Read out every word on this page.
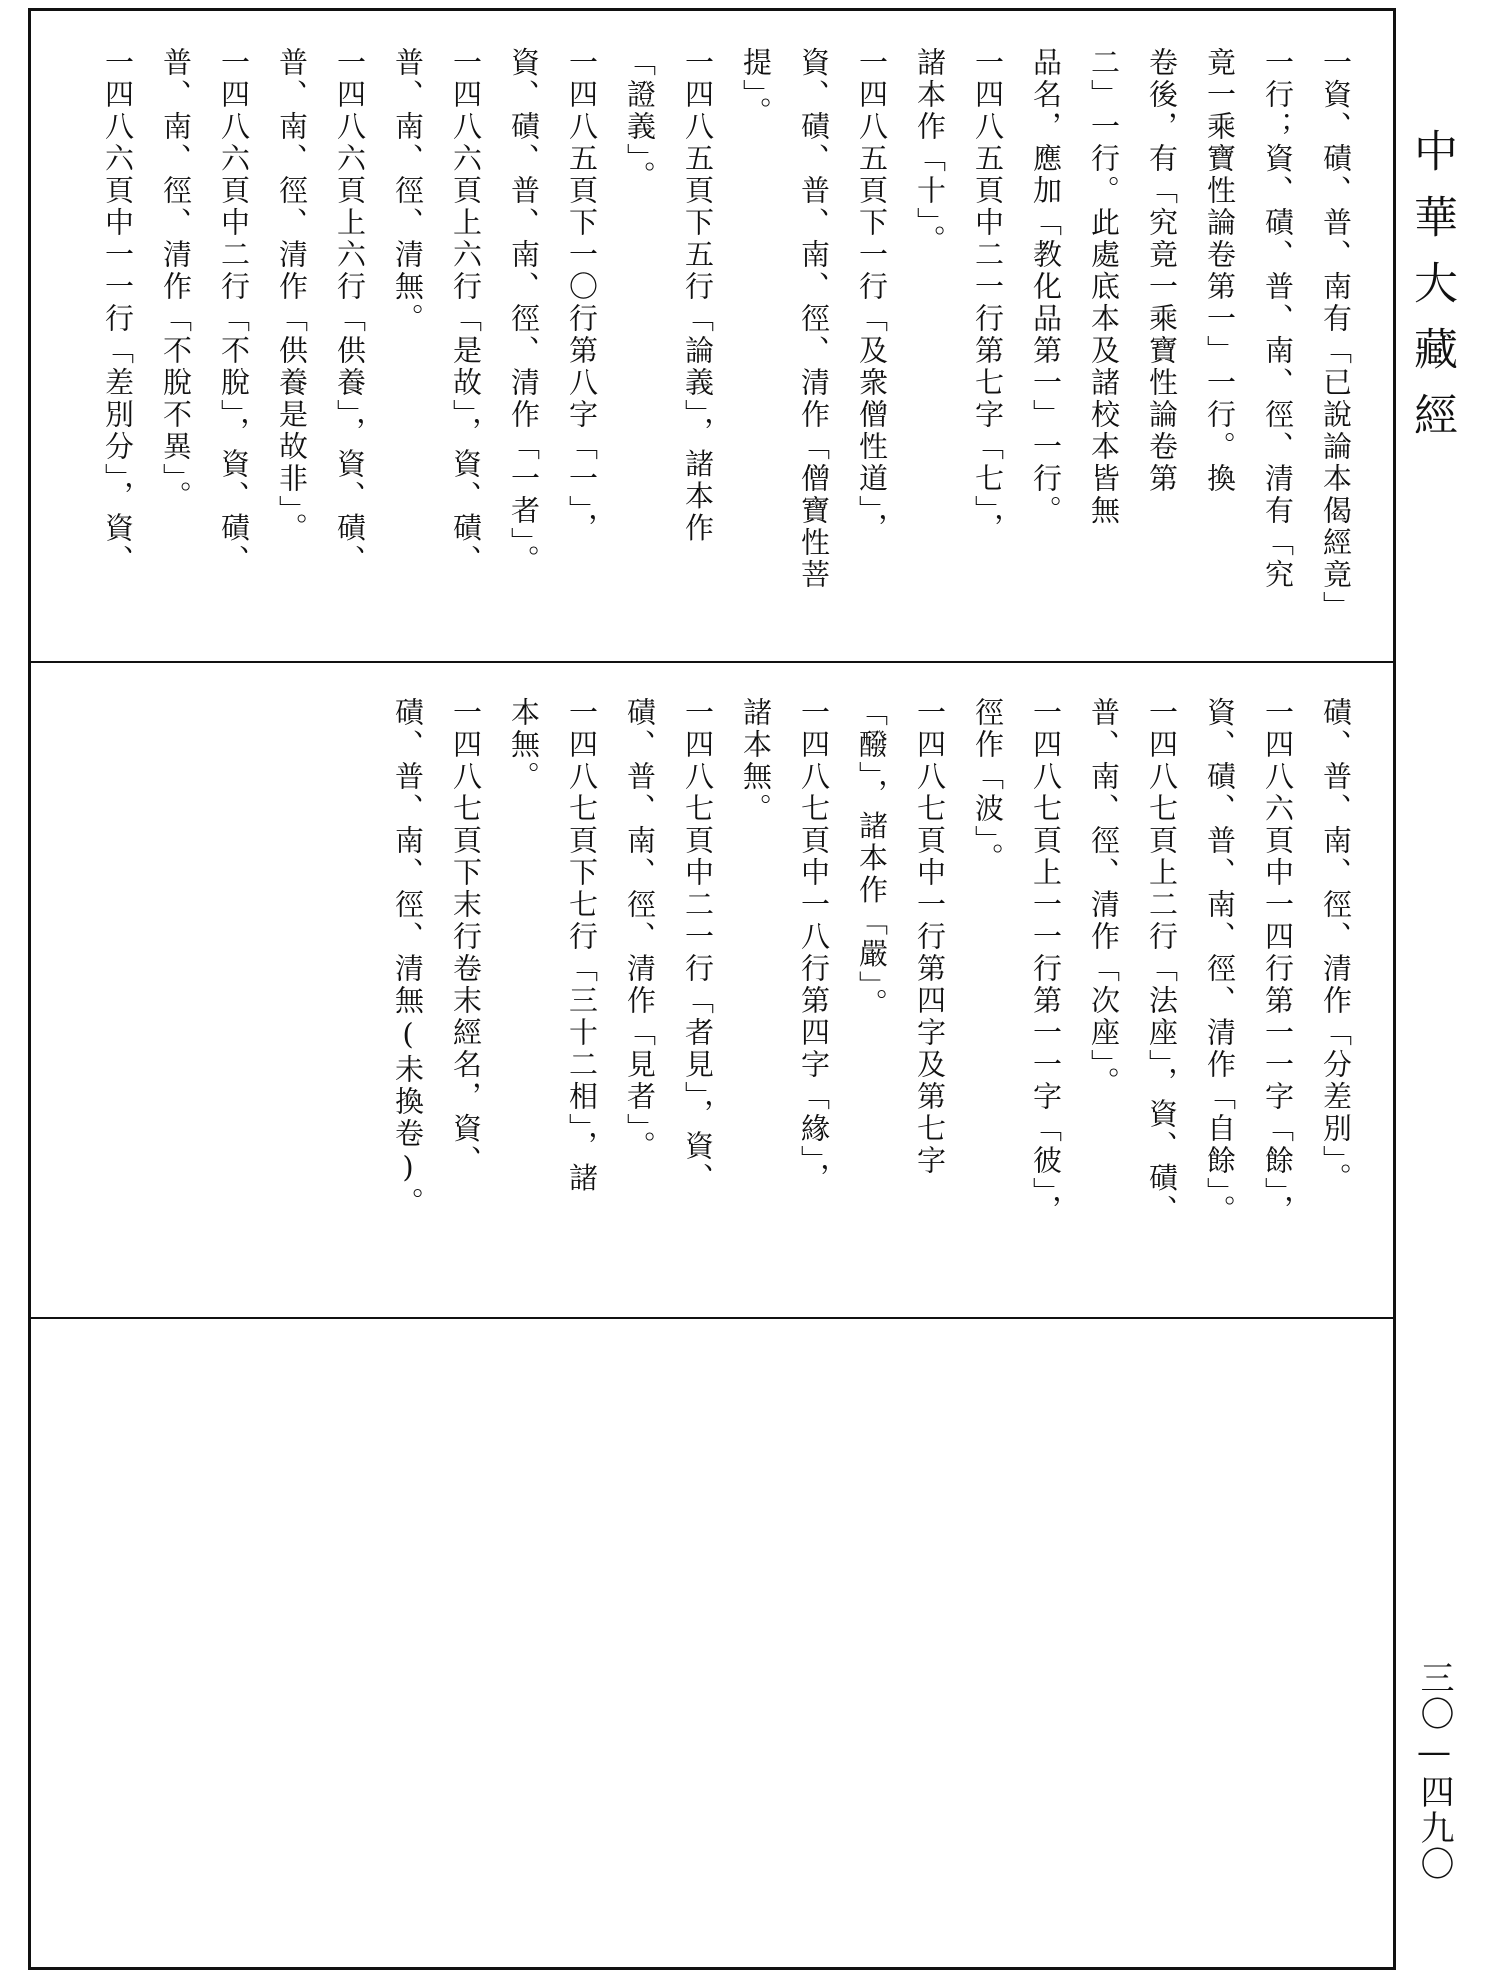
一資、磧、普、南有「已說論本偈經竟」
一行；資、磧、普、南、徑、清有「究
竟一乘寶性論卷第一」一行。換
卷後，有「究竟一乘寶性論卷第
二」一行。此處底本及諸校本皆無
品名，應加「教化品第一」一行。
一四八五頁中二一行第七字「七」，
諸本作「十」。
一四八五頁下一行「及衆僧性道」，
資、磧、普、南、徑、清作「僧寶性菩
提」。
一四八五頁下五行「論義」，諸本作
「證義」。
一四八五頁下一〇行第八字「一」，
資、磧、普、南、徑、清作「一者」。
一四八六頁上六行「是故」，資、磧、
普、南、徑、清無。
一四八六頁上六行「供養」，資、磧、
普、南、徑、清作「供養是故非」。
一四八六頁中二行「不脫」，資、磧、
普、南、徑、清作「不脫不異」。
一四八六頁中一一行「差別分」，資、
磧、普、南、徑、清作「分差別」。
一四八六頁中一四行第一一字「餘」，
資、磧、普、南、徑、清作「自餘」。
一四八七頁上二行「法座」，資、磧、
普、南、徑、清作「次座」。
一四八七頁上一一行第一一字「彼」，
徑作「波」。
一四八七頁中一行第四字及第七字
「醱」，諸本作「嚴」。
一四八七頁中一八行第四字「緣」，
諸本無。
一四八七頁中二一行「者見」，資、
磧、普、南、徑、清作「見者」。
一四八七頁下七行「三十二相」，諸
本無。
一四八七頁下末行卷末經名，資、
磧、普、南、徑、清無(未換卷)。
中華大藏經
三〇—四九〇
